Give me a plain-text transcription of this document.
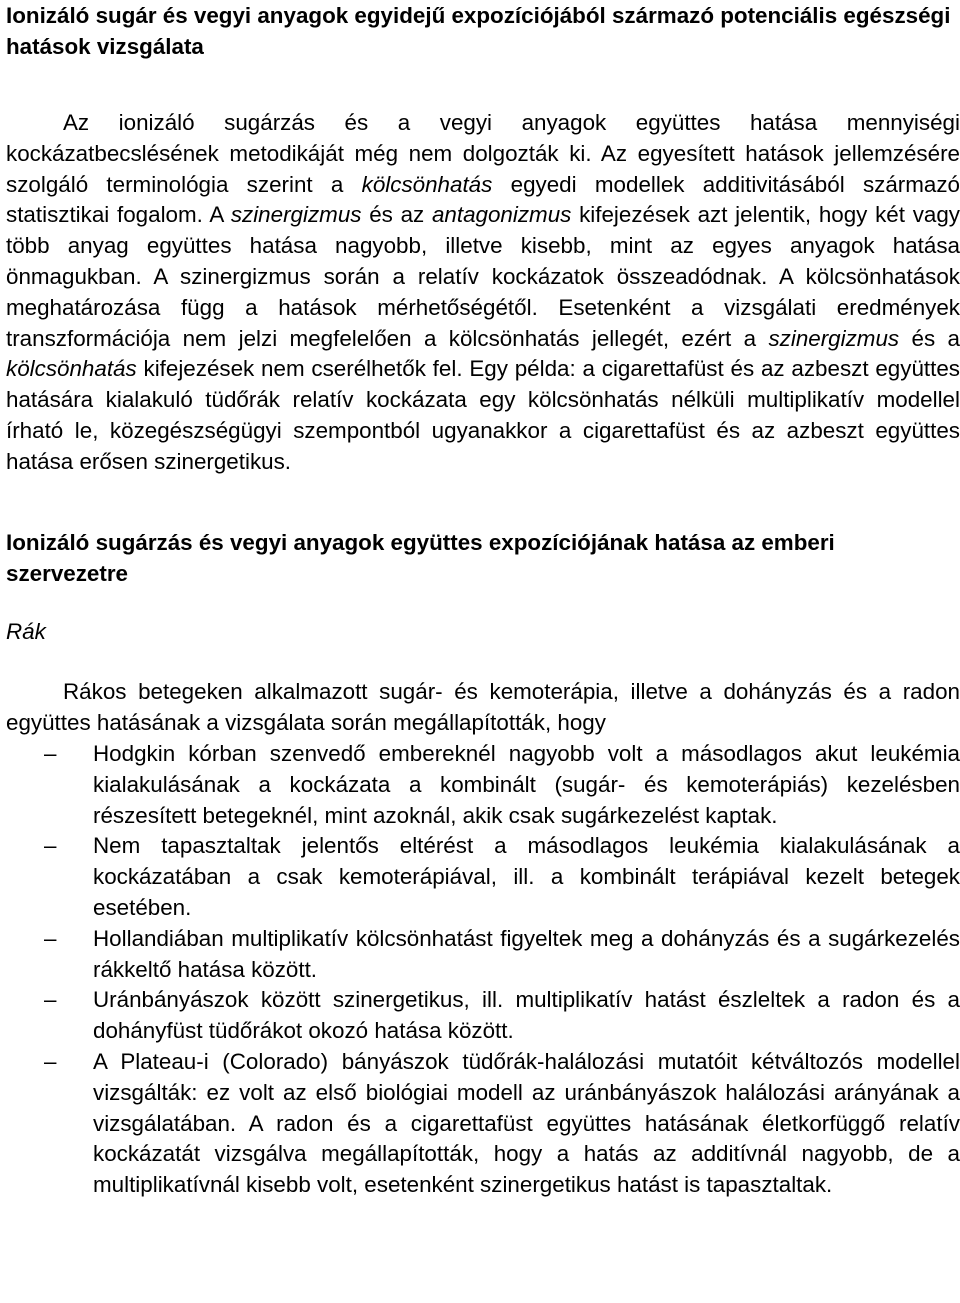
Ionizáló sugár és vegyi anyagok egyidejű expozíciójából származó potenciális egészségi hatások vizsgálata

Az ionizáló sugárzás és a vegyi anyagok együttes hatása mennyiségi kockázatbecslésének metodikáját még nem dolgozták ki. Az egyesített hatások jellemzésére szolgáló terminológia szerint a kölcsönhatás egyedi modellek additivitásából származó statisztikai fogalom. A szinergizmus és az antagonizmus kifejezések azt jelentik, hogy két vagy több anyag együttes hatása nagyobb, illetve kisebb, mint az egyes anyagok hatása önmagukban. A szinergizmus során a relatív kockázatok összeadódnak. A kölcsönhatások meghatározása függ a hatások mérhetőségétől. Esetenként a vizsgálati eredmények transzformációja nem jelzi megfelelően a kölcsönhatás jellegét, ezért a szinergizmus és a kölcsönhatás kifejezések nem cserélhetők fel. Egy példa: a cigarettafüst és az azbeszt együttes hatására kialakuló tüdőrák relatív kockázata egy kölcsönhatás nélküli multiplikatív modellel írható le, közegészségügyi szempontból ugyanakkor a cigarettafüst és az azbeszt együttes hatása erősen szinergetikus.

Ionizáló sugárzás és vegyi anyagok együttes expozíciójának hatása az emberi szervezetre

Rák

Rákos betegeken alkalmazott sugár- és kemoterápia, illetve a dohányzás és a radon együttes hatásának a vizsgálata során megállapították, hogy

– Hodgkin kórban szenvedő embereknél nagyobb volt a másodlagos akut leukémia kialakulásának a kockázata a kombinált (sugár- és kemoterápiás) kezelésben részesített betegeknél, mint azoknál, akik csak sugárkezelést kaptak.
– Nem tapasztaltak jelentős eltérést a másodlagos leukémia kialakulásának a kockázatában a csak kemoterápiával, ill. a kombinált terápiával kezelt betegek esetében.
– Hollandiában multiplikatív kölcsönhatást figyeltek meg a dohányzás és a sugárkezelés rákkeltő hatása között.
– Uránbányászok között szinergetikus, ill. multiplikatív hatást észleltek a radon és a dohányfüst tüdőrákot okozó hatása között.
– A Plateau-i (Colorado) bányászok tüdőrák-halálozási mutatóit kétváltozós modellel vizsgálták: ez volt az első biológiai modell az uránbányászok halálozási arányának a vizsgálatában. A radon és a cigarettafüst együttes hatásának életkorfüggő relatív kockázatát vizsgálva megállapították, hogy a hatás az additívnál nagyobb, de a multiplikatívnál kisebb volt, esetenként szinergetikus hatást is tapasztaltak.
